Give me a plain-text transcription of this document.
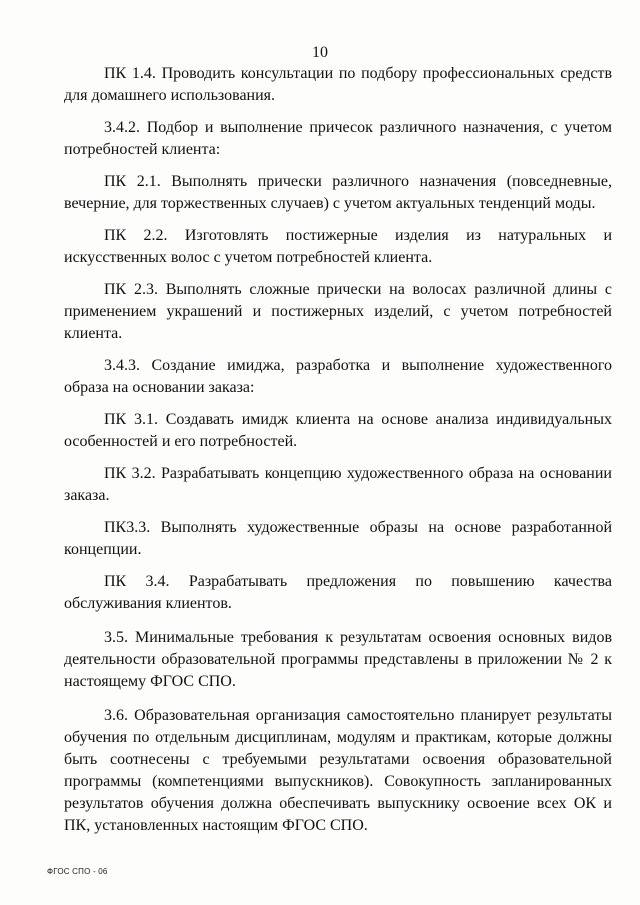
10

ПК 1.4. Проводить консультации по подбору профессиональных средств для домашнего использования.

3.4.2. Подбор и выполнение причесок различного назначения, с учетом потребностей клиента:

ПК 2.1. Выполнять прически различного назначения (повседневные, вечерние, для торжественных случаев) с учетом актуальных тенденций моды.

ПК 2.2. Изготовлять постижерные изделия из натуральных и искусственных волос с учетом потребностей клиента.

ПК 2.3. Выполнять сложные прически на волосах различной длины с применением украшений и постижерных изделий, с учетом потребностей клиента.

3.4.3. Создание имиджа, разработка и выполнение художественного образа на основании заказа:

ПК 3.1. Создавать имидж клиента на основе анализа индивидуальных особенностей и его потребностей.

ПК 3.2. Разрабатывать концепцию художественного образа на основании заказа.

ПК3.3. Выполнять художественные образы на основе разработанной концепции.

ПК 3.4. Разрабатывать предложения по повышению качества обслуживания клиентов.

3.5. Минимальные требования к результатам освоения основных видов деятельности образовательной программы представлены в приложении № 2 к настоящему ФГОС СПО.

3.6. Образовательная организация самостоятельно планирует результаты обучения по отдельным дисциплинам, модулям и практикам, которые должны быть соотнесены с требуемыми результатами освоения образовательной программы (компетенциями выпускников). Совокупность запланированных результатов обучения должна обеспечивать выпускнику освоение всех ОК и ПК, установленных настоящим ФГОС СПО.

ФГОС СПО - 06
